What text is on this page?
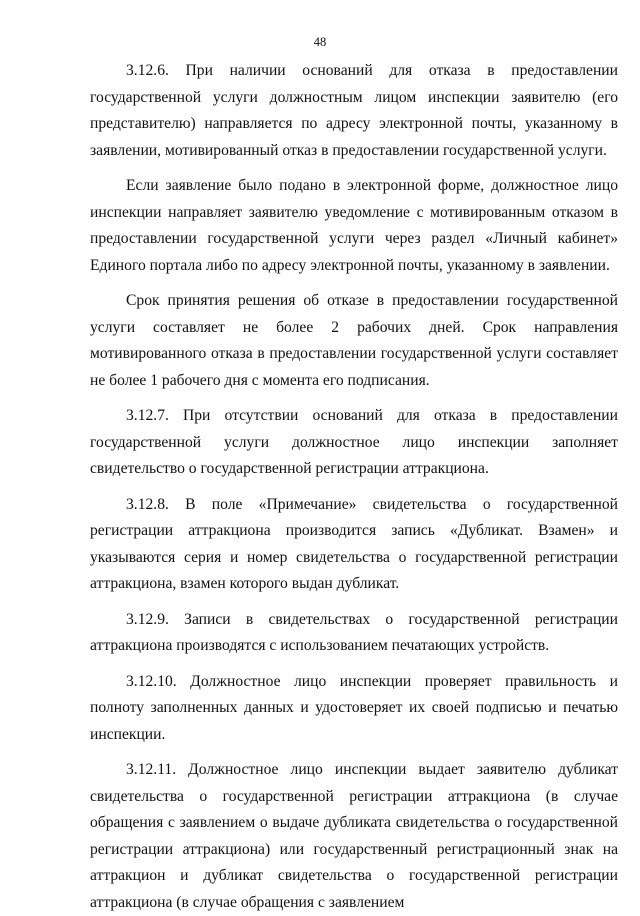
48

3.12.6. При наличии оснований для отказа в предоставлении государственной услуги должностным лицом инспекции заявителю (его представителю) направляется по адресу электронной почты, указанному в заявлении, мотивированный отказ в предоставлении государственной услуги.

Если заявление было подано в электронной форме, должностное лицо инспекции направляет заявителю уведомление с мотивированным отказом в предоставлении государственной услуги через раздел «Личный кабинет» Единого портала либо по адресу электронной почты, указанному в заявлении.

Срок принятия решения об отказе в предоставлении государственной услуги составляет не более 2 рабочих дней. Срок направления мотивированного отказа в предоставлении государственной услуги составляет не более 1 рабочего дня с момента его подписания.

3.12.7. При отсутствии оснований для отказа в предоставлении государственной услуги должностное лицо инспекции заполняет свидетельство о государственной регистрации аттракциона.

3.12.8. В поле «Примечание» свидетельства о государственной регистрации аттракциона производится запись «Дубликат. Взамен» и указываются серия и номер свидетельства о государственной регистрации аттракциона, взамен которого выдан дубликат.

3.12.9. Записи в свидетельствах о государственной регистрации аттракциона производятся с использованием печатающих устройств.

3.12.10. Должностное лицо инспекции проверяет правильность и полноту заполненных данных и удостоверяет их своей подписью и печатью инспекции.

3.12.11. Должностное лицо инспекции выдает заявителю дубликат свидетельства о государственной регистрации аттракциона (в случае обращения с заявлением о выдаче дубликата свидетельства о государственной регистрации аттракциона) или государственный регистрационный знак на аттракцион и дубликат свидетельства о государственной регистрации аттракциона (в случае обращения с заявлением
